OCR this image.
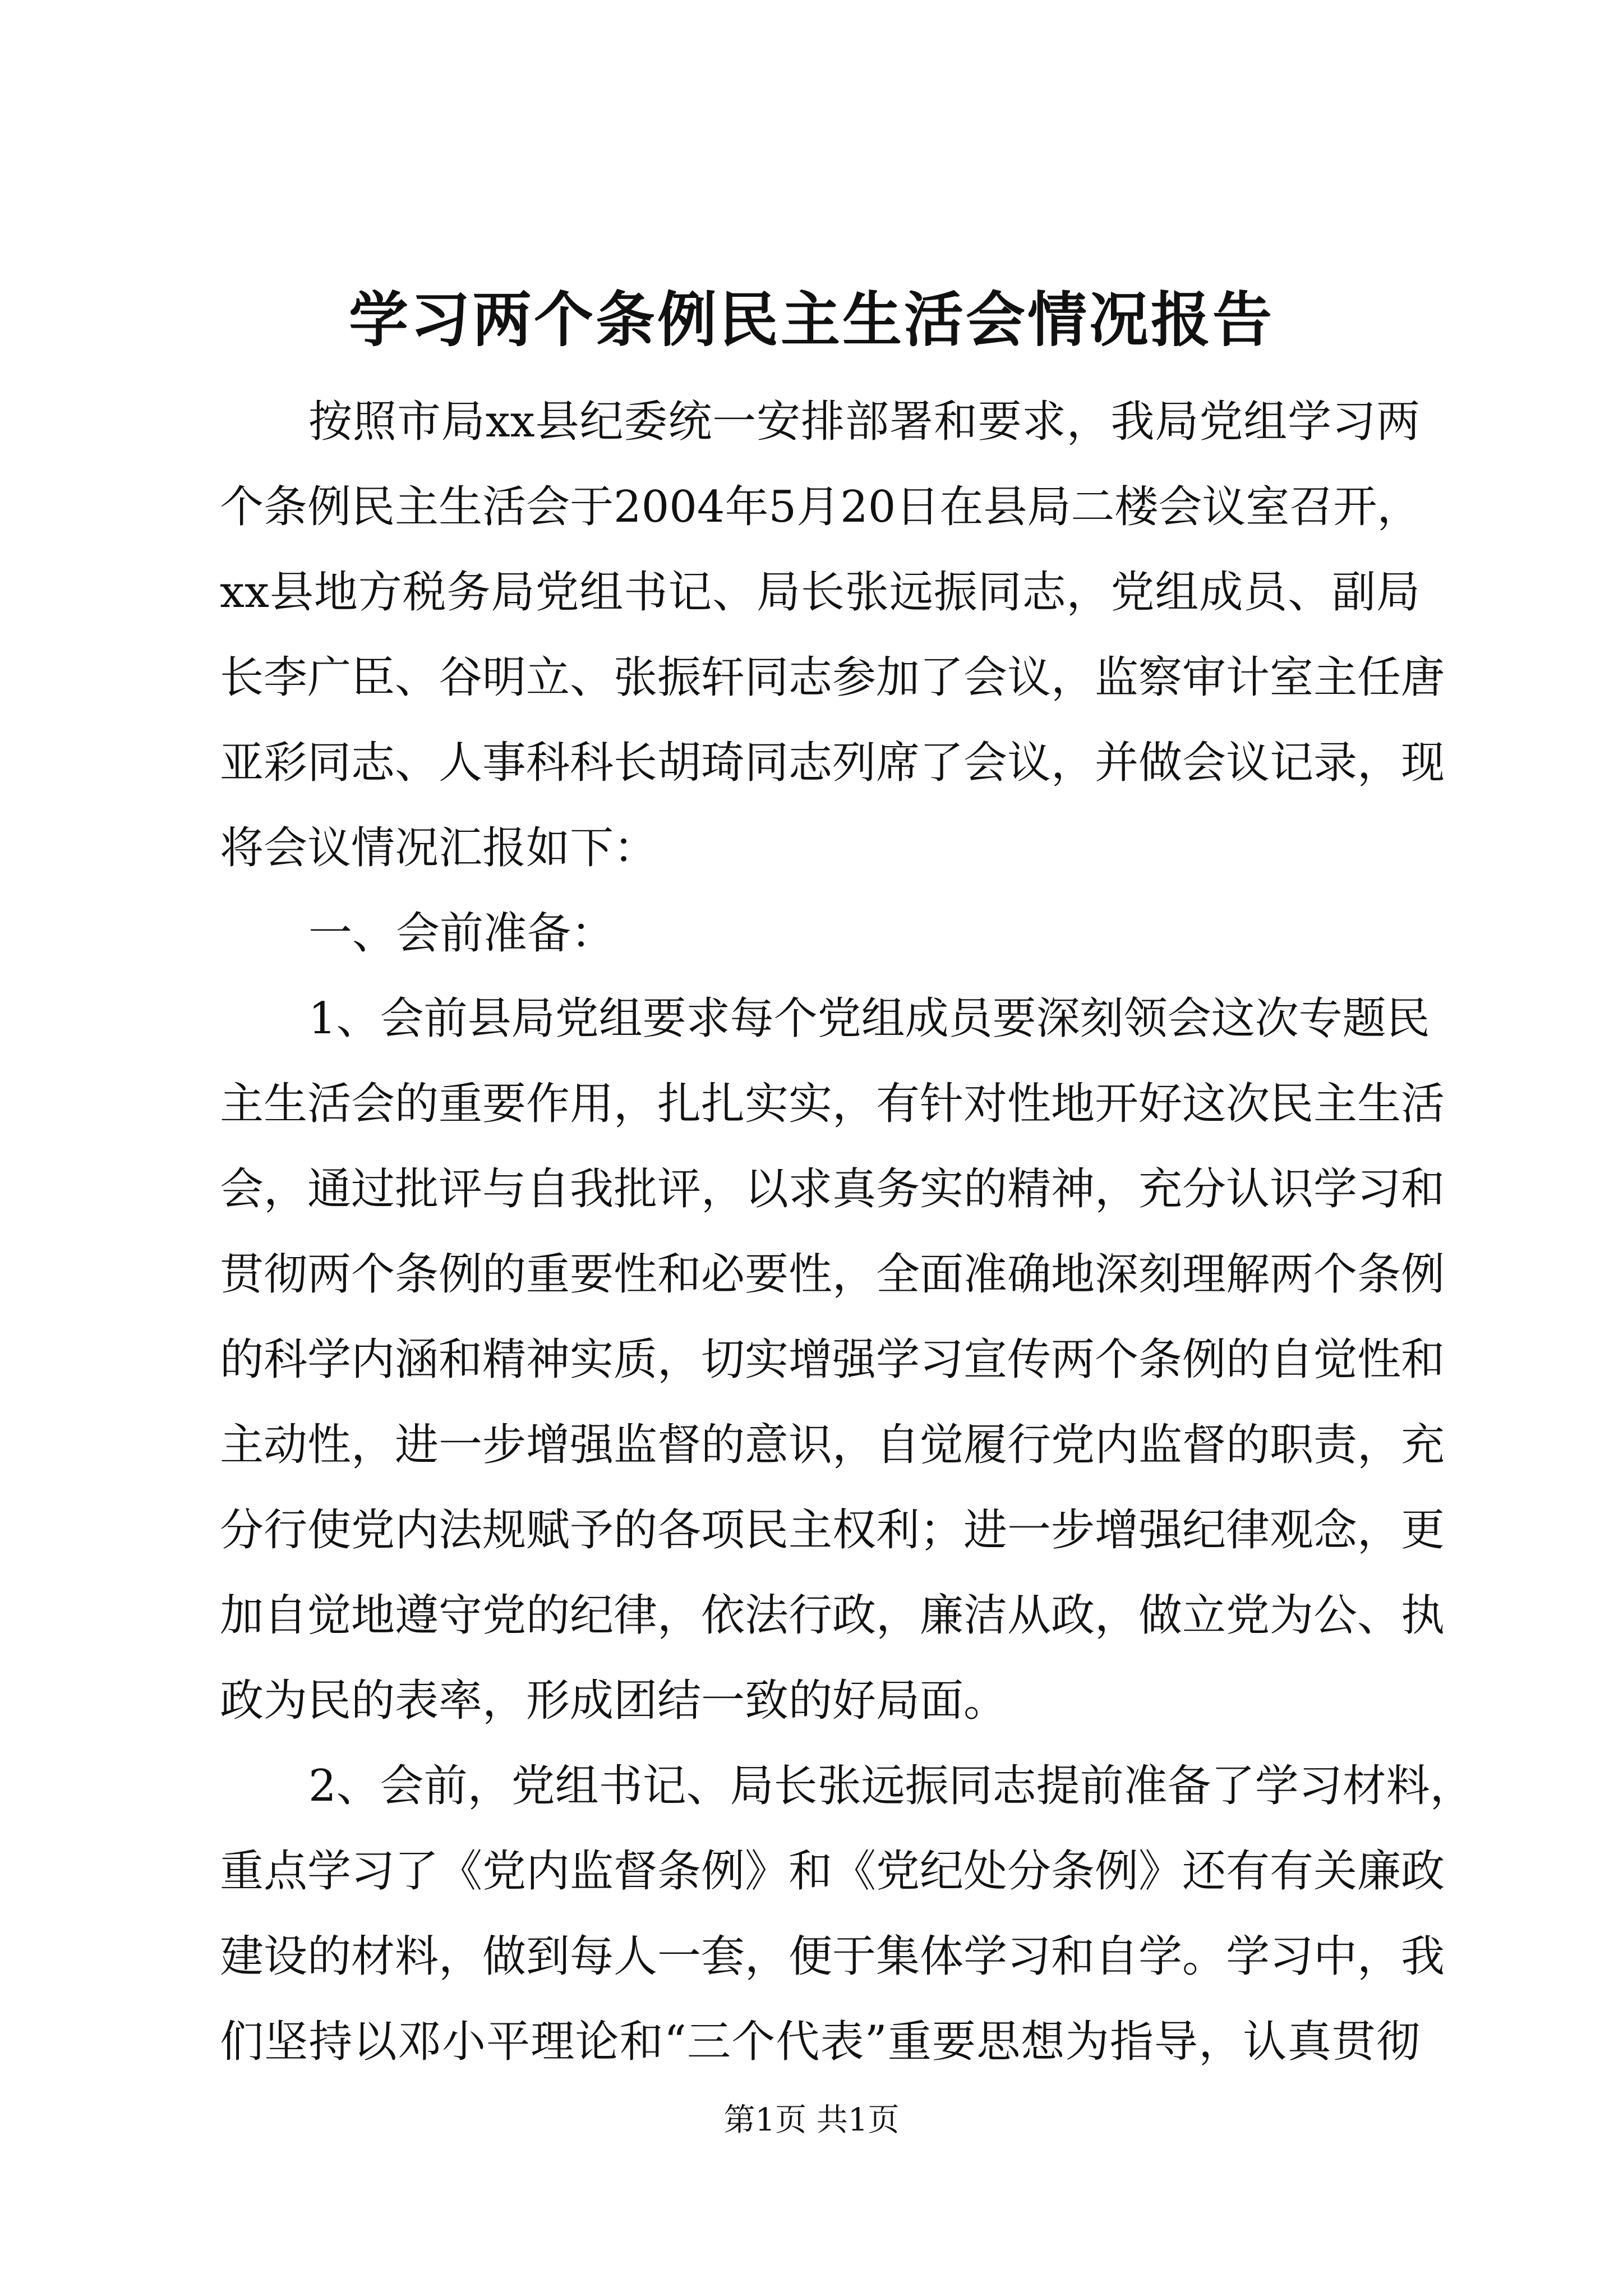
学习两个条例民主生活会情况报告
按照市局xx县纪委统一安排部署和要求，我局党组学习两
个条例民主生活会于2004年5月20日在县局二楼会议室召开，
xx县地方税务局党组书记、局长张远振同志，党组成员、副局
长李广臣、谷明立、张振轩同志参加了会议，监察审计室主任唐
亚彩同志、人事科科长胡琦同志列席了会议，并做会议记录，现
将会议情况汇报如下：
一、会前准备：
1、会前县局党组要求每个党组成员要深刻领会这次专题民
主生活会的重要作用，扎扎实实，有针对性地开好这次民主生活
会，通过批评与自我批评，以求真务实的精神，充分认识学习和
贯彻两个条例的重要性和必要性，全面准确地深刻理解两个条例
的科学内涵和精神实质，切实增强学习宣传两个条例的自觉性和
主动性，进一步增强监督的意识，自觉履行党内监督的职责，充
分行使党内法规赋予的各项民主权利；进一步增强纪律观念，更
加自觉地遵守党的纪律，依法行政，廉洁从政，做立党为公、执
政为民的表率，形成团结一致的好局面。
2、会前，党组书记、局长张远振同志提前准备了学习材料，
重点学习了《党内监督条例》和《党纪处分条例》还有有关廉政
建设的材料，做到每人一套，便于集体学习和自学。学习中，我
们坚持以邓小平理论和“三个代表”重要思想为指导，认真贯彻
第1页 共1页
